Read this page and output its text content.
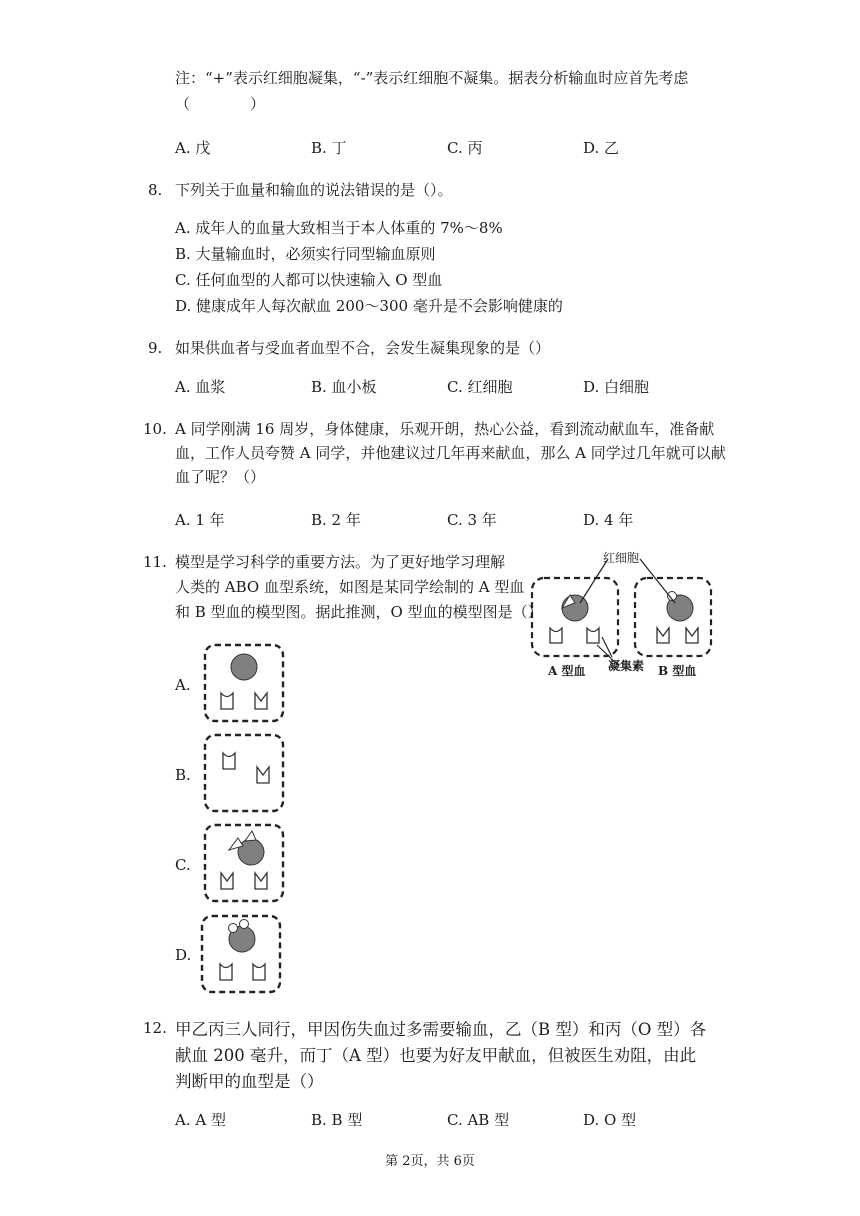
注：“+”表示红细胞凝集，“-”表示红细胞不凝集。据表分析输血时应首先考虑
（　　　　）
A. 戊	B. 丁	C. 丙	D. 乙
8. 下列关于血量和输血的说法错误的是（）。
A. 成年人的血量大致相当于本人体重的 7%～8%
B. 大量输血时，必须实行同型输血原则
C. 任何血型的人都可以快速输入 O 型血
D. 健康成年人每次献血 200～300 毫升是不会影响健康的
9. 如果供血者与受血者血型不合，会发生凝集现象的是（）
A. 血浆	B. 血小板	C. 红细胞	D. 白细胞
10. A 同学刚满 16 周岁，身体健康，乐观开朗，热心公益，看到流动献血车，准备献
血，工作人员夸赞 A 同学，并他建议过几年再来献血，那么 A 同学过几年就可以献
血了呢？（）
A. 1 年	B. 2 年	C. 3 年	D. 4 年
11. 模型是学习科学的重要方法。为了更好地学习理解
人类的 ABO 血型系统，如图是某同学绘制的 A 型血
和 B 型血的模型图。据此推测，O 型血的模型图是（）
红细胞
凝集素
A 型血	B 型血
A.
B.
C.
D.
12. 甲乙丙三人同行，甲因伤失血过多需要输血，乙（B 型）和丙（O 型）各
献血 200 毫升，而丁（A 型）也要为好友甲献血，但被医生劝阻，由此
判断甲的血型是（）
A. A 型	B. B 型	C. AB 型	D. O 型
第 2页，共 6页
